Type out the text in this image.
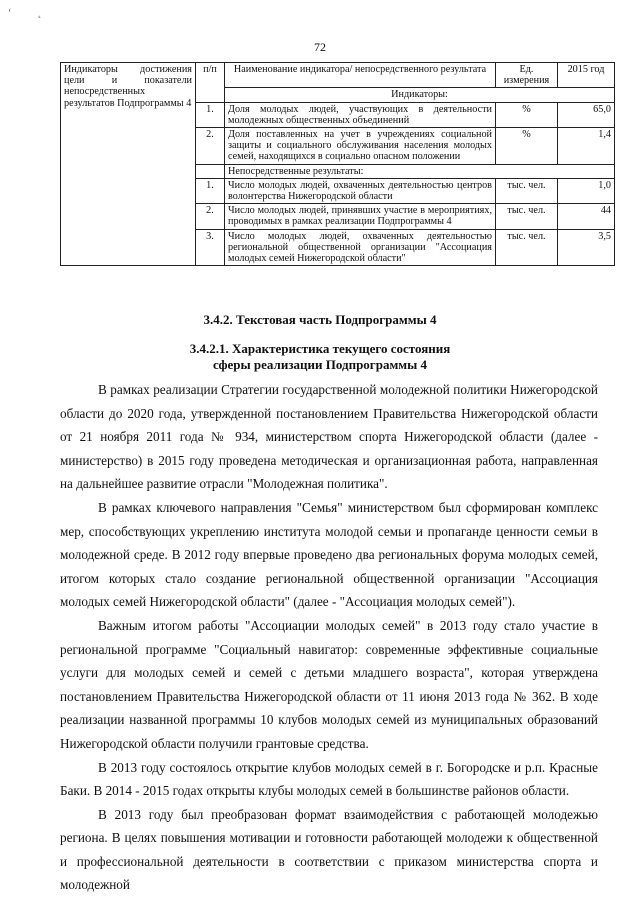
ʻ	˛
72
Индикаторы достижения цели и показатели непосредственных результатов Подпрограммы 4	п/п	Наименование индикатора/ непосредственного результата	Ед. измерения	2015 год
		Индикаторы:		
	1.	Доля молодых людей, участвующих в деятельности молодежных общественных объединений	%	65,0
	2.	Доля поставленных на учет в учреждениях социальной защиты и социального обслуживания населения молодых семей, находящихся в социально опасном положении	%	1,4
		Непосредственные результаты:		
	1.	Число молодых людей, охваченных деятельностью центров волонтерства Нижегородской области	тыс. чел.	1,0
	2.	Число молодых людей, принявших участие в мероприятиях, проводимых в рамках реализации Подпрограммы 4	тыс. чел.	44
	3.	Число молодых людей, охваченных деятельностью региональной общественной организации "Ассоциация молодых семей Нижегородской области"	тыс. чел.	3,5
3.4.2. Текстовая часть Подпрограммы 4
3.4.2.1. Характеристика текущего состояния
сферы реализации Подпрограммы 4

В рамках реализации Стратегии государственной молодежной политики Нижегородской области до 2020 года, утвержденной постановлением Правительства Нижегородской области от 21 ноября 2011 года № 934, министерством спорта Нижегородской области (далее - министерство) в 2015 году проведена методическая и организационная работа, направленная на дальнейшее развитие отрасли "Молодежная политика".

В рамках ключевого направления "Семья" министерством был сформирован комплекс мер, способствующих укреплению института молодой семьи и пропаганде ценности семьи в молодежной среде. В 2012 году впервые проведено два региональных форума молодых семей, итогом которых стало создание региональной общественной организации "Ассоциация молодых семей Нижегородской области" (далее - "Ассоциация молодых семей").

Важным итогом работы "Ассоциации молодых семей" в 2013 году стало участие в региональной программе "Социальный навигатор: современные эффективные социальные услуги для молодых семей и семей с детьми младшего возраста", которая утверждена постановлением Правительства Нижегородской области от 11 июня 2013 года № 362. В ходе реализации названной программы 10 клубов молодых семей из муниципальных образований Нижегородской области получили грантовые средства.

В 2013 году состоялось открытие клубов молодых семей в г. Богородске и р.п. Красные Баки. В 2014 - 2015 годах открыты клубы молодых семей в большинстве районов области.

В 2013 году был преобразован формат взаимодействия с работающей молодежью региона. В целях повышения мотивации и готовности работающей молодежи к общественной и профессиональной деятельности в соответствии с приказом министерства спорта и молодежной
